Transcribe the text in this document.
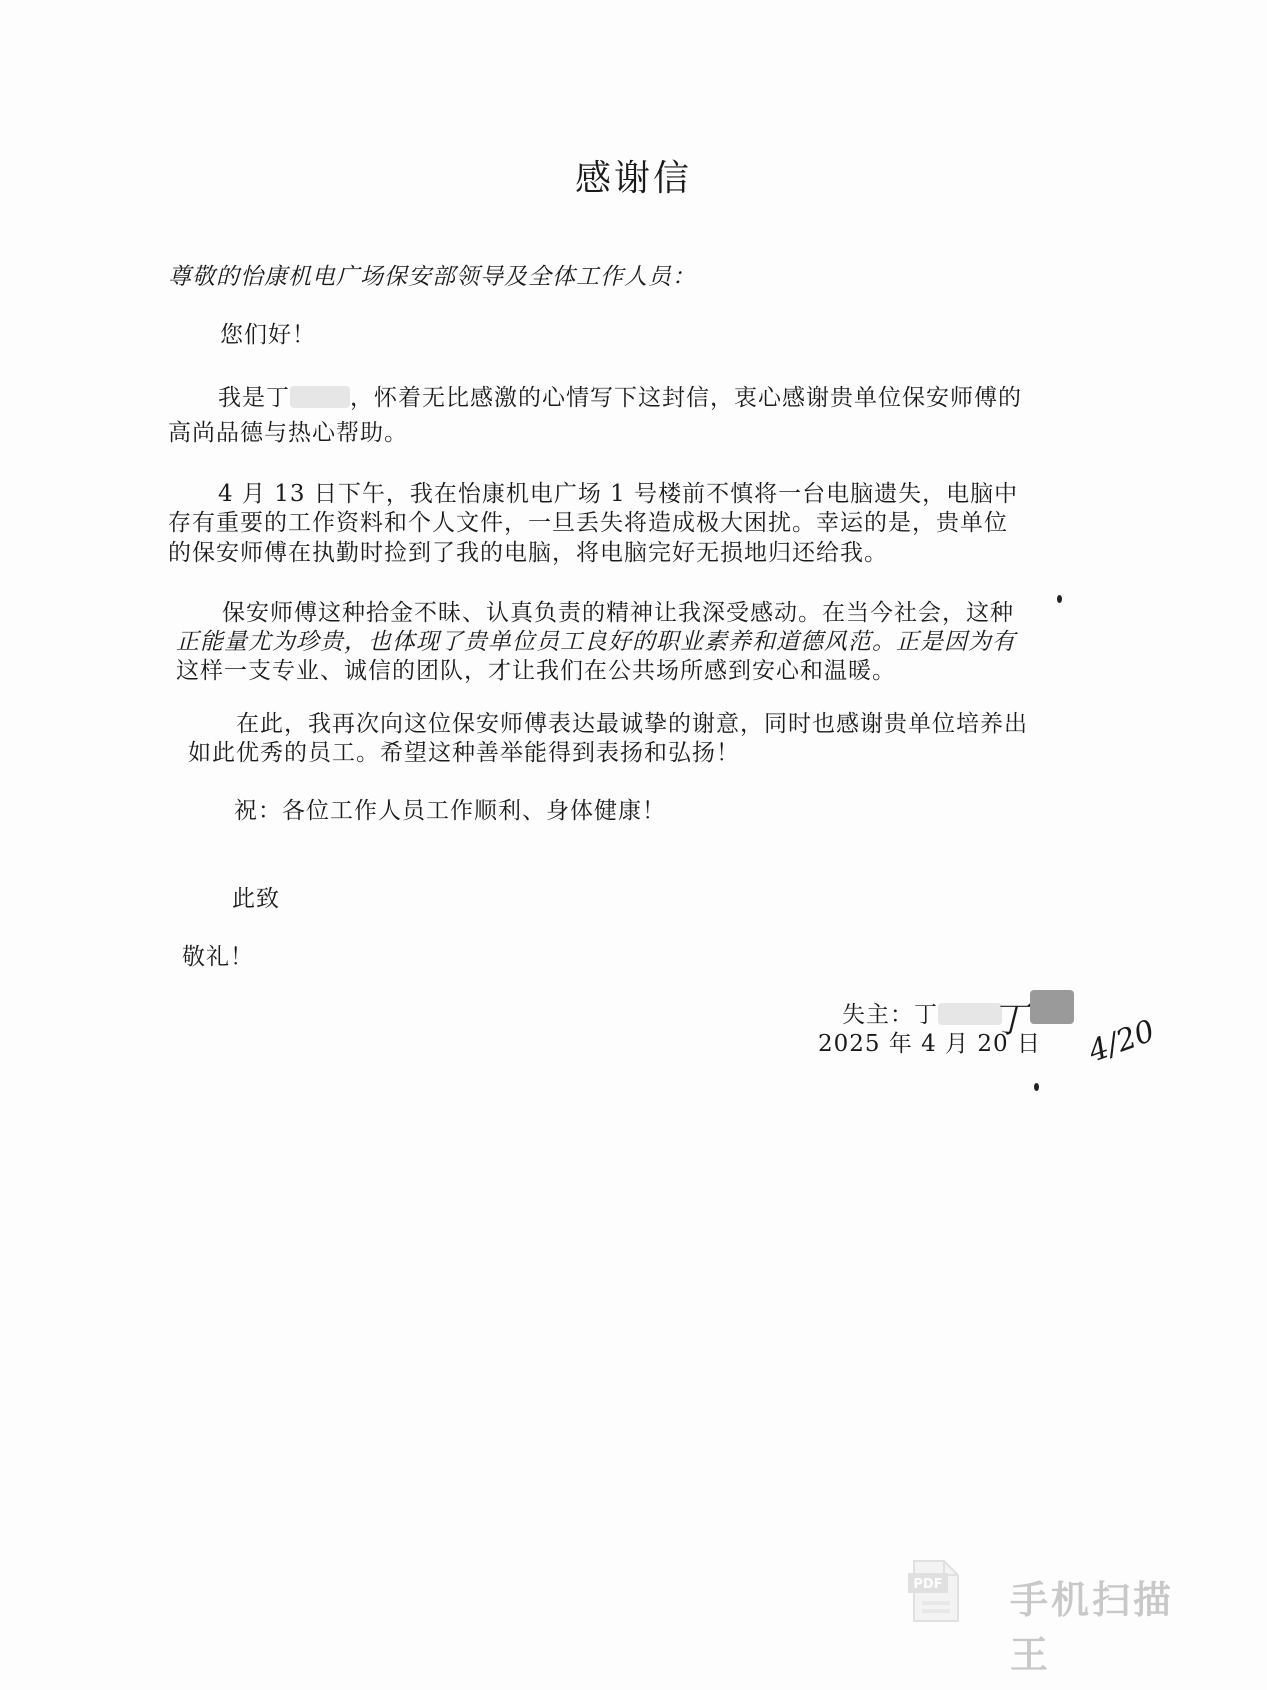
感谢信
尊敬的怡康机电广场保安部领导及全体工作人员：
您们好！
我是丁	，怀着无比感激的心情写下这封信，衷心感谢贵单位保安师傅的
高尚品德与热心帮助。
4 月 13 日下午，我在怡康机电广场 1 号楼前不慎将一台电脑遗失，电脑中
存有重要的工作资料和个人文件，一旦丢失将造成极大困扰。幸运的是，贵单位
的保安师傅在执勤时捡到了我的电脑，将电脑完好无损地归还给我。
保安师傅这种拾金不昧、认真负责的精神让我深受感动。在当今社会，这种
正能量尤为珍贵，也体现了贵单位员工良好的职业素养和道德风范。正是因为有
这样一支专业、诚信的团队，才让我们在公共场所感到安心和温暖。
在此，我再次向这位保安师傅表达最诚挚的谢意，同时也感谢贵单位培养出
如此优秀的员工。希望这种善举能得到表扬和弘扬！
祝：各位工作人员工作顺利、身体健康！
此致
敬礼！
失主：丁
2025 年 4 月 20 日
丁 4/20
PDF 手机扫描王
